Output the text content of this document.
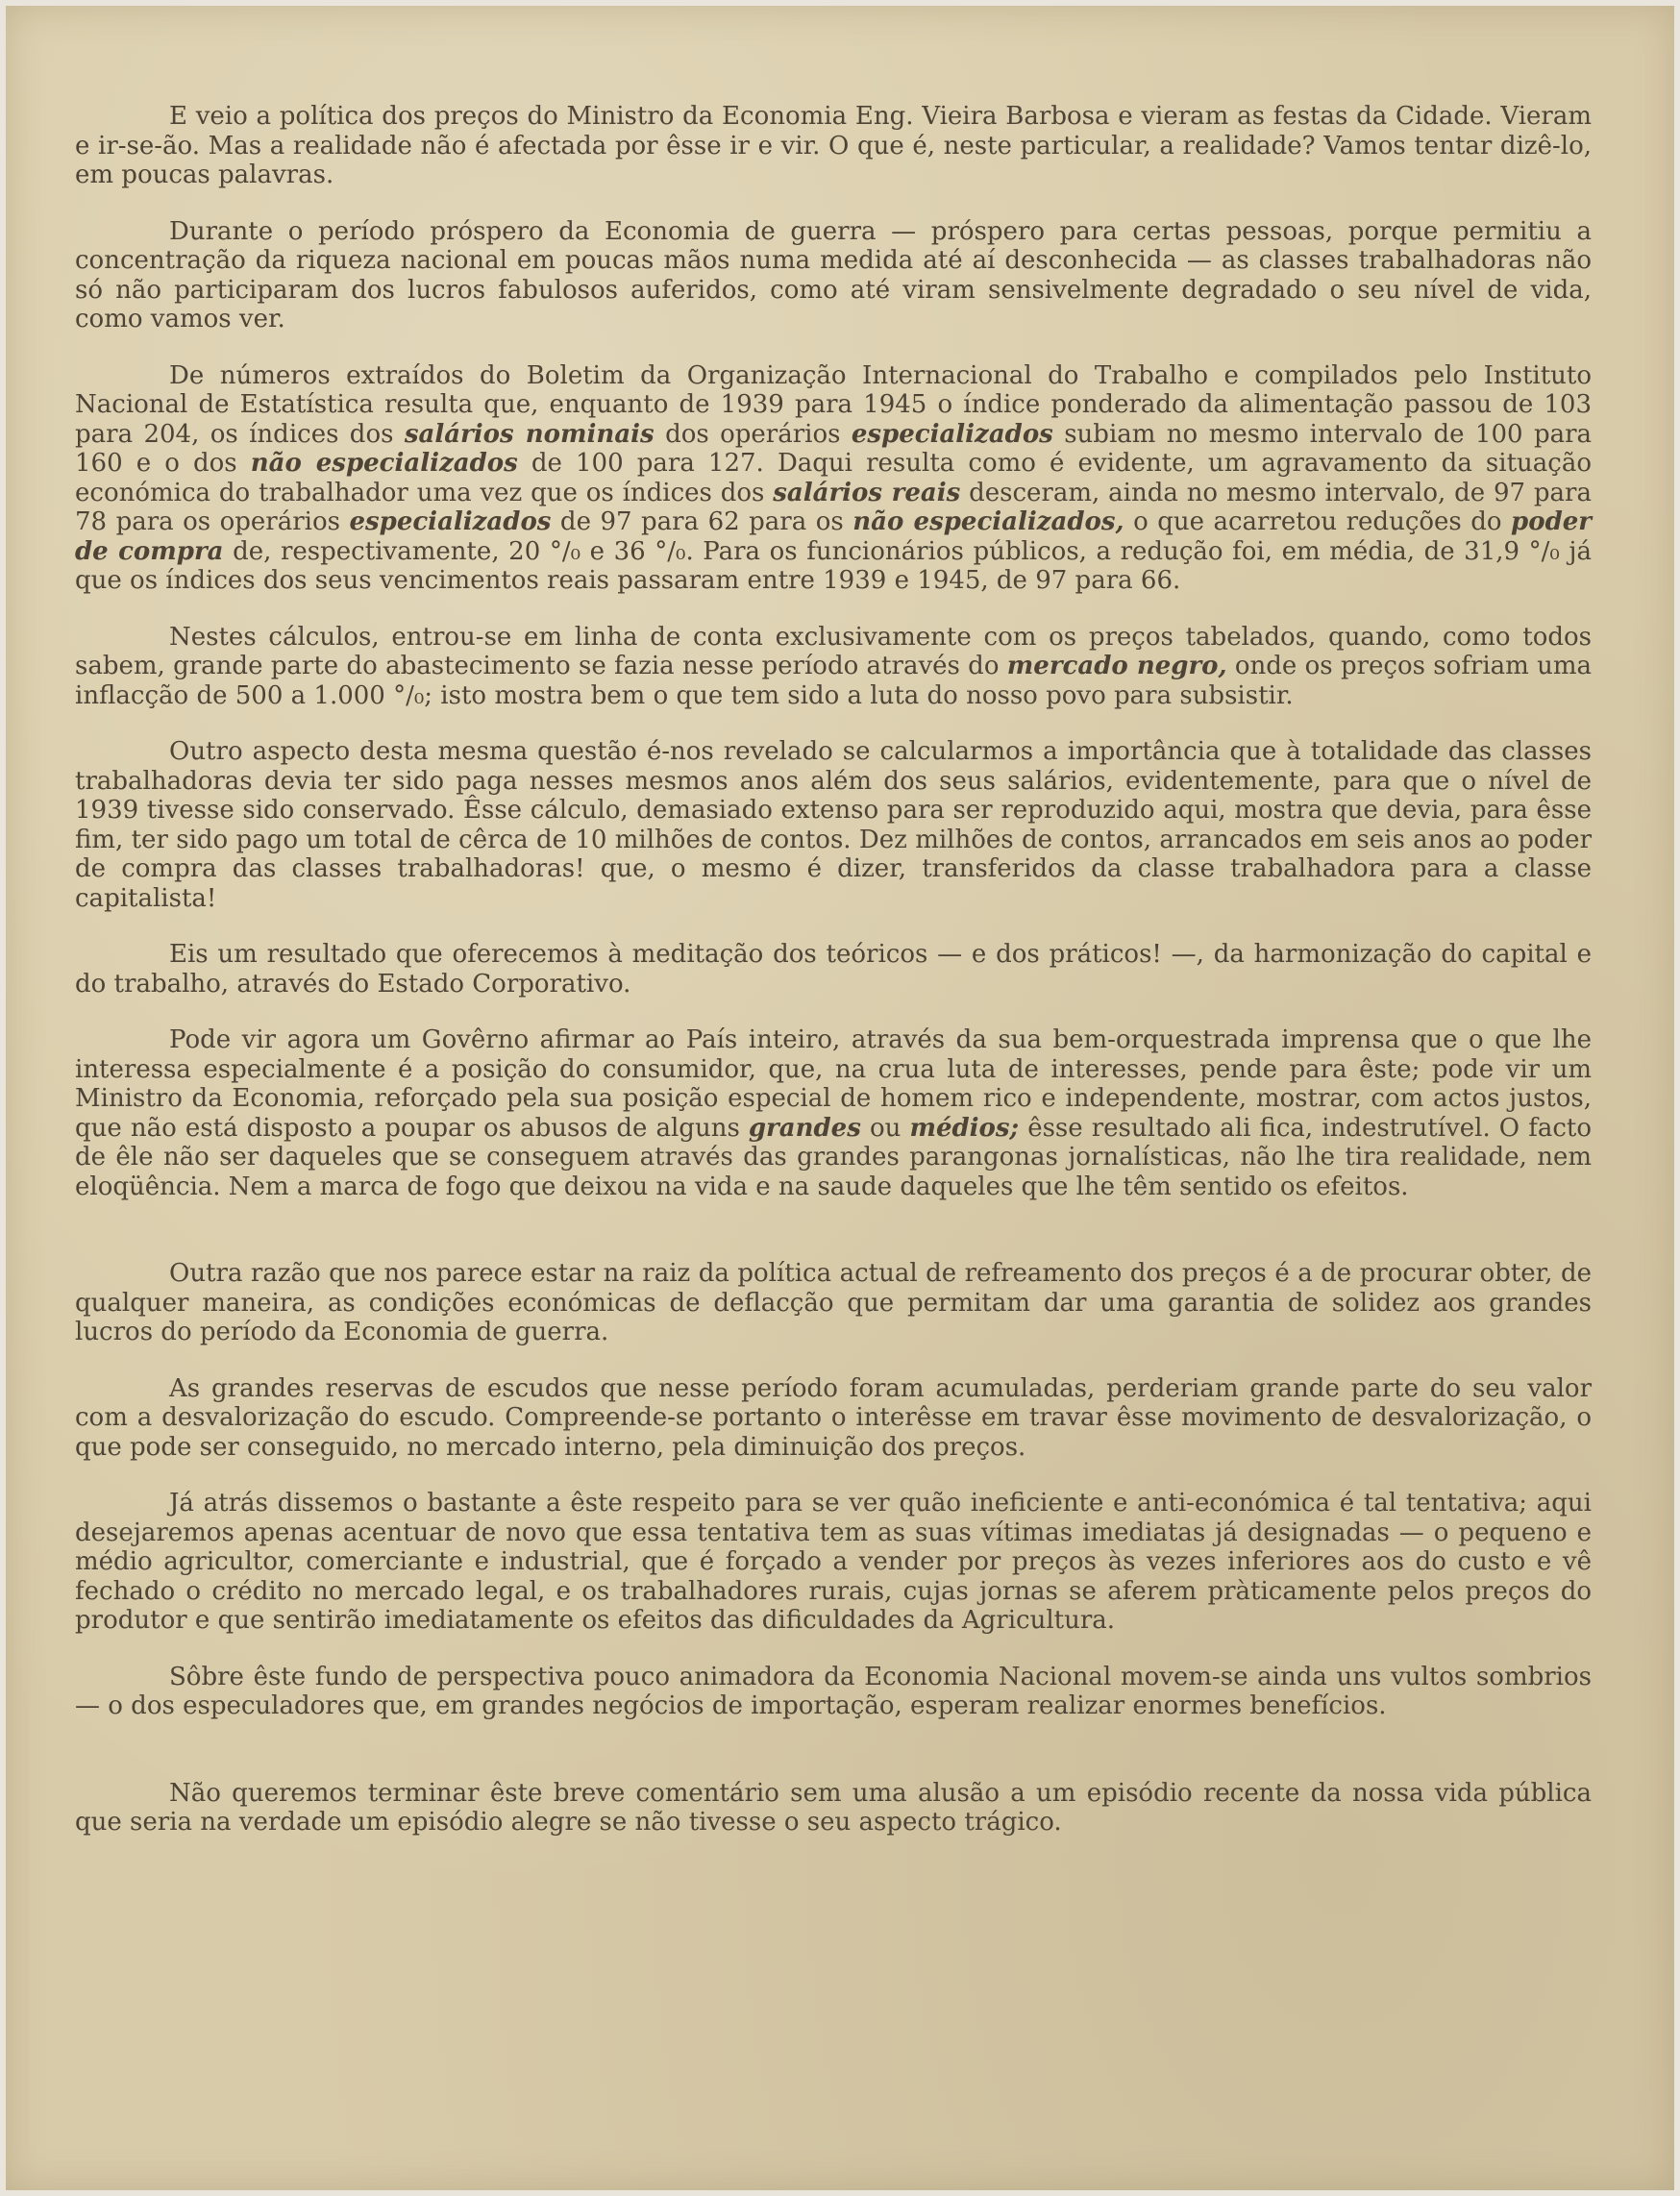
E veio a política dos preços do Ministro da Economia Eng. Vieira Barbosa e vieram as festas da Cidade. Vieram e ir-se-ão. Mas a realidade não é afectada por êsse ir e vir. O que é, neste particular, a realidade? Vamos tentar dizê-lo, em poucas palavras.

Durante o período próspero da Economia de guerra — próspero para certas pessoas, porque permitiu a concentração da riqueza nacional em poucas mãos numa medida até aí desconhecida — as classes trabalhadoras não só não participaram dos lucros fabulosos auferidos, como até viram sensivelmente degradado o seu nível de vida, como vamos ver.

De números extraídos do Boletim da Organização Internacional do Trabalho e compilados pelo Instituto Nacional de Estatística resulta que, enquanto de 1939 para 1945 o índice ponderado da alimentação passou de 103 para 204, os índices dos salários nominais dos operários especializados subiam no mesmo intervalo de 100 para 160 e o dos não especializados de 100 para 127. Daqui resulta como é evidente, um agravamento da situação económica do trabalhador uma vez que os índices dos salários reais desceram, ainda no mesmo intervalo, de 97 para 78 para os operários especializados de 97 para 62 para os não especializados, o que acarretou reduções do poder de compra de, respectivamente, 20 °/₀ e 36 °/₀. Para os funcionários públicos, a redução foi, em média, de 31,9 °/₀ já que os índices dos seus vencimentos reais passaram entre 1939 e 1945, de 97 para 66.

Nestes cálculos, entrou-se em linha de conta exclusivamente com os preços tabelados, quando, como todos sabem, grande parte do abastecimento se fazia nesse período através do mercado negro, onde os preços sofriam uma inflacção de 500 a 1.000 °/₀; isto mostra bem o que tem sido a luta do nosso povo para subsistir.

Outro aspecto desta mesma questão é-nos revelado se calcularmos a importância que à totalidade das classes trabalhadoras devia ter sido paga nesses mesmos anos além dos seus salários, evidentemente, para que o nível de 1939 tivesse sido conservado. Êsse cálculo, demasiado extenso para ser reproduzido aqui, mostra que devia, para êsse fim, ter sido pago um total de cêrca de 10 milhões de contos. Dez milhões de contos, arrancados em seis anos ao poder de compra das classes trabalhadoras! que, o mesmo é dizer, transferidos da classe trabalhadora para a classe capitalista!

Eis um resultado que oferecemos à meditação dos teóricos — e dos práticos! —, da harmonização do capital e do trabalho, através do Estado Corporativo.

Pode vir agora um Govêrno afirmar ao País inteiro, através da sua bem-orquestrada imprensa que o que lhe interessa especialmente é a posição do consumidor, que, na crua luta de interesses, pende para êste; pode vir um Ministro da Economia, reforçado pela sua posição especial de homem rico e independente, mostrar, com actos justos, que não está disposto a poupar os abusos de alguns grandes ou médios; êsse resultado ali fica, indestrutível. O facto de êle não ser daqueles que se conseguem através das grandes parangonas jornalísticas, não lhe tira realidade, nem eloqüência. Nem a marca de fogo que deixou na vida e na saude daqueles que lhe têm sentido os efeitos.

Outra razão que nos parece estar na raiz da política actual de refreamento dos preços é a de procurar obter, de qualquer maneira, as condições económicas de deflacção que permitam dar uma garantia de solidez aos grandes lucros do período da Economia de guerra.

As grandes reservas de escudos que nesse período foram acumuladas, perderiam grande parte do seu valor com a desvalorização do escudo. Compreende-se portanto o interêsse em travar êsse movimento de desvalorização, o que pode ser conseguido, no mercado interno, pela diminuição dos preços.

Já atrás dissemos o bastante a êste respeito para se ver quão ineficiente e anti-económica é tal tentativa; aqui desejaremos apenas acentuar de novo que essa tentativa tem as suas vítimas imediatas já designadas — o pequeno e médio agricultor, comerciante e industrial, que é forçado a vender por preços às vezes inferiores aos do custo e vê fechado o crédito no mercado legal, e os trabalhadores rurais, cujas jornas se aferem pràticamente pelos preços do produtor e que sentirão imediatamente os efeitos das dificuldades da Agricultura.

Sôbre êste fundo de perspectiva pouco animadora da Economia Nacional movem-se ainda uns vultos sombrios — o dos especuladores que, em grandes negócios de importação, esperam realizar enormes benefícios.

Não queremos terminar êste breve comentário sem uma alusão a um episódio recente da nossa vida pública que seria na verdade um episódio alegre se não tivesse o seu aspecto trágico.
